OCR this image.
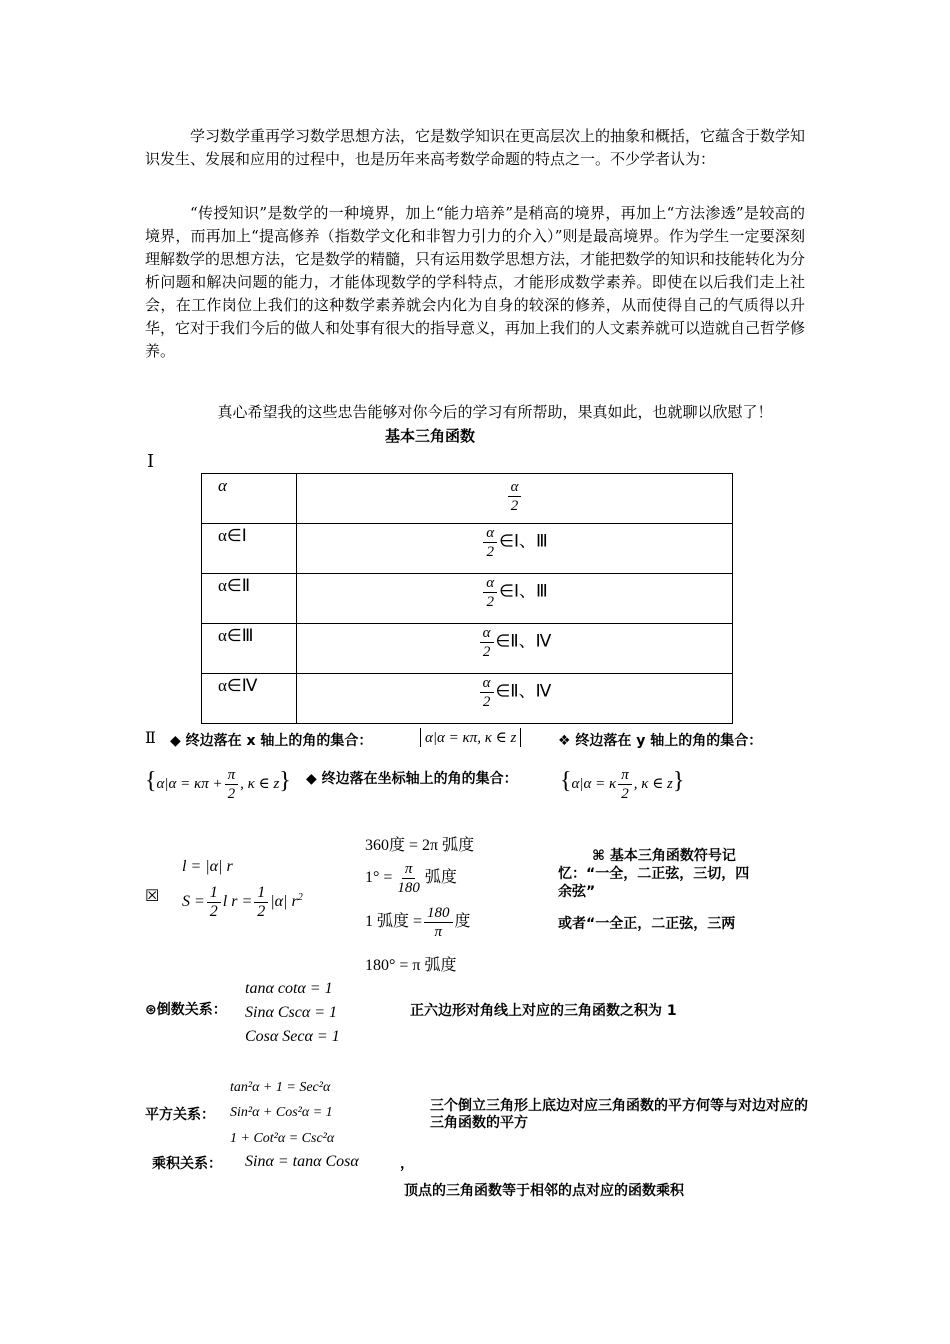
学习数学重再学习数学思想方法，它是数学知识在更高层次上的抽象和概括，它蕴含于数学知识发生、发展和应用的过程中，也是历年来高考数学命题的特点之一。不少学者认为：
“传授知识”是数学的一种境界，加上“能力培养”是稍高的境界，再加上“方法渗透”是较高的境界，而再加上“提高修养（指数学文化和非智力引力的介入）”则是最高境界。作为学生一定要深刻理解数学的思想方法，它是数学的精髓，只有运用数学思想方法，才能把数学的知识和技能转化为分析问题和解决问题的能力，才能体现数学的学科特点，才能形成数学素养。即使在以后我们走上社会，在工作岗位上我们的这种数学素养就会内化为自身的较深的修养，从而使得自己的气质得以升华，它对于我们今后的做人和处事有很大的指导意义，再加上我们的人文素养就可以造就自己哲学修养。
真心希望我的这些忠告能够对你今后的学习有所帮助，果真如此，也就聊以欣慰了！
基本三角函数
Ⅰ
α	$\frac{\alpha}{2}$

α∈Ⅰ	$\frac{\alpha}{2}$ ∈Ⅰ、Ⅲ
α∈Ⅱ	$\frac{\alpha}{2}$ ∈Ⅰ、Ⅲ
α∈Ⅲ	$\frac{\alpha}{2}$ ∈Ⅱ、Ⅳ
α∈Ⅳ	$\frac{\alpha}{2}$ ∈Ⅱ、Ⅳ
Ⅱ ◆ 终边落在 x 轴上的角的集合：	α|α = κπ, κ ∈ z	❖ 终边落在 y 轴上的角的集合：
{$\alpha|\alpha = \kappa\pi + \frac{\pi}{2}$ , κ ∈ z} ◆ 终边落在坐标轴上的角的集合： {α|α = κ $\frac{\pi}{2}$ , κ ∈ z}
☒
l = |α| r
$S = \frac{1}{2}$ l $r = \frac{1}{2} |\alpha|$ $r^2$
360度 = 2π 弧度
$1^\circ = \frac{\pi}{180}$ 弧度
1 弧度 = $\frac{180}{\pi}$ 度
180° = π 弧度
⌘ 基本三角函数符号记
忆：“一全，二正弦，三切，四
余弦”
或者“一全正，二正弦，三两
⊛倒数关系：
tanα cotα = 1
Sinα Cscα = 1
Cosα Secα = 1
正六边形对角线上对应的三角函数之积为 1
平方关系：
tan²α + 1 = Sec²α
Sin²α + Cos²α = 1
1 + Cot²α = Csc²α
三个倒立三角形上底边对应三角函数的平方何等与对边对应的三角函数的平方
乘积关系： Sinα = tanα Cosα	，
顶点的三角函数等于相邻的点对应的函数乘积
